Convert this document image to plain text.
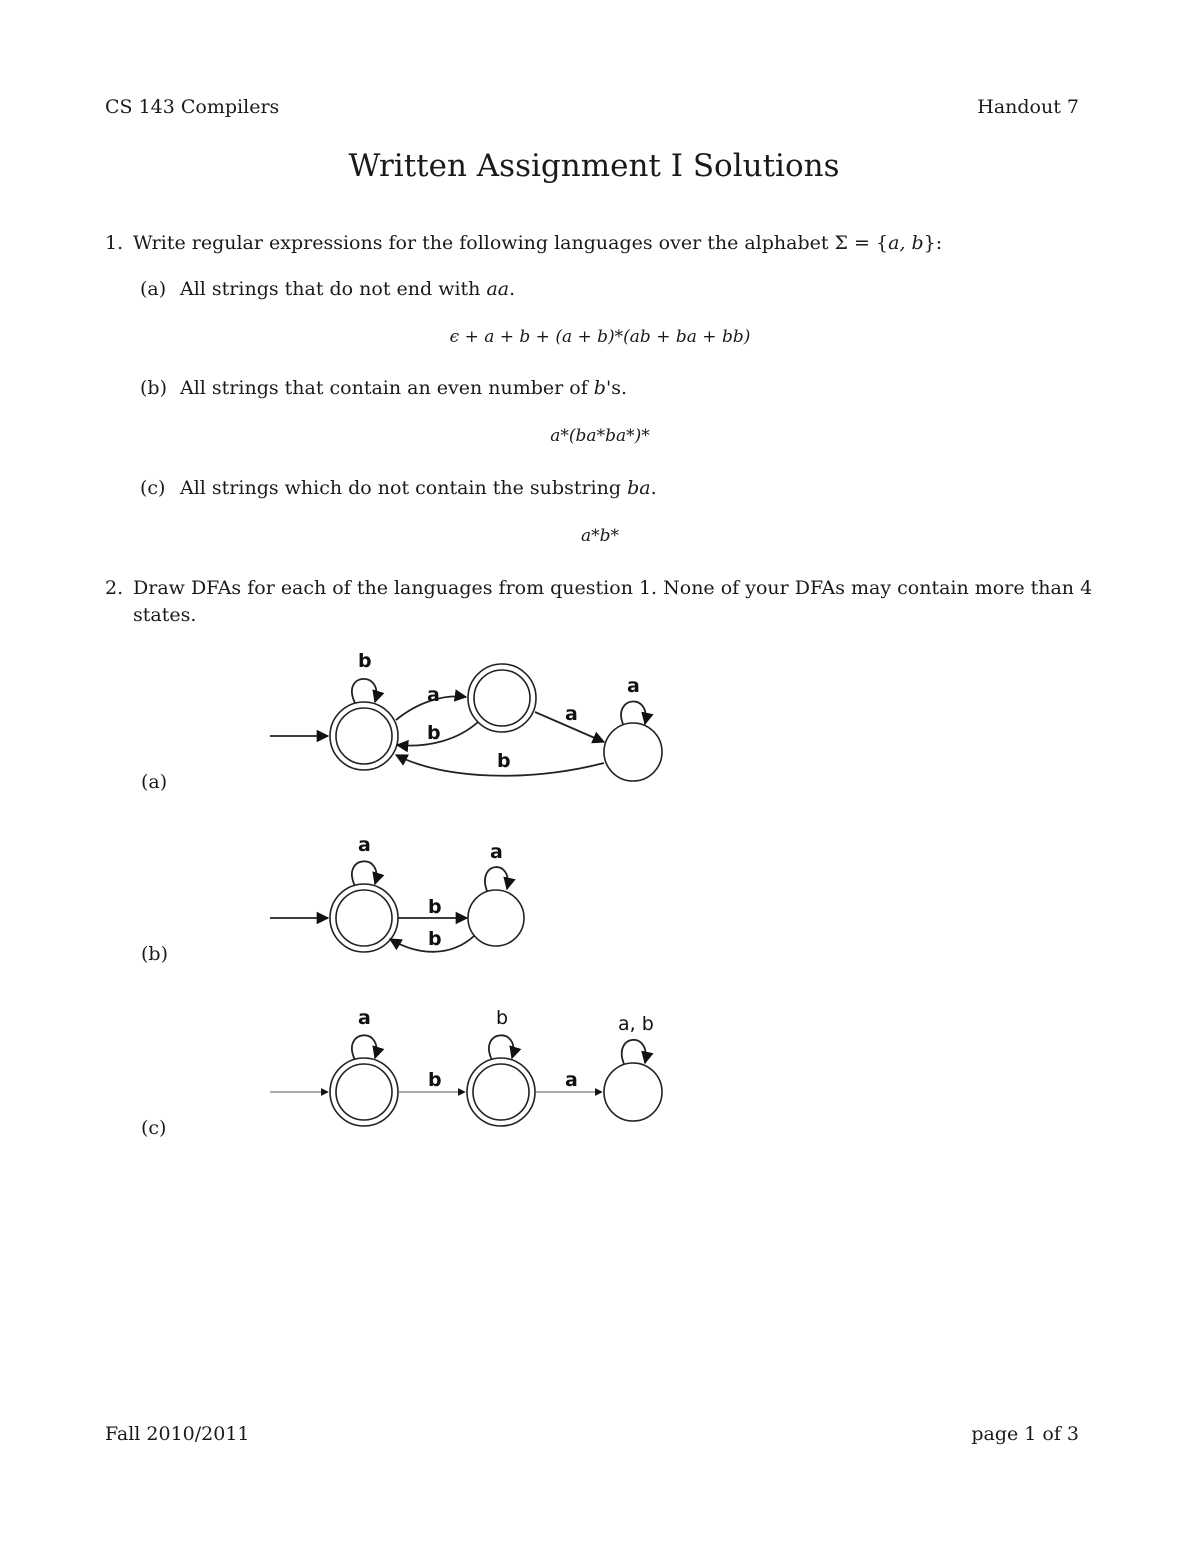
CS 143 Compilers	Handout 7
Written Assignment I Solutions
1. Write regular expressions for the following languages over the alphabet Σ = {a, b}:
(a) All strings that do not end with aa.
ϵ + a + b + (a + b)*(ab + ba + bb)
(b) All strings that contain an even number of b's.
a*(ba*ba*)*
(c) All strings which do not contain the substring ba.
a*b*
2. Draw DFAs for each of the languages from question 1. None of your DFAs may contain more than 4
states.
(a)
(b)
(c)
b
a
b
a
a
b
a	a
b
b
a	b	a, b
b	a
Fall 2010/2011	page 1 of 3
